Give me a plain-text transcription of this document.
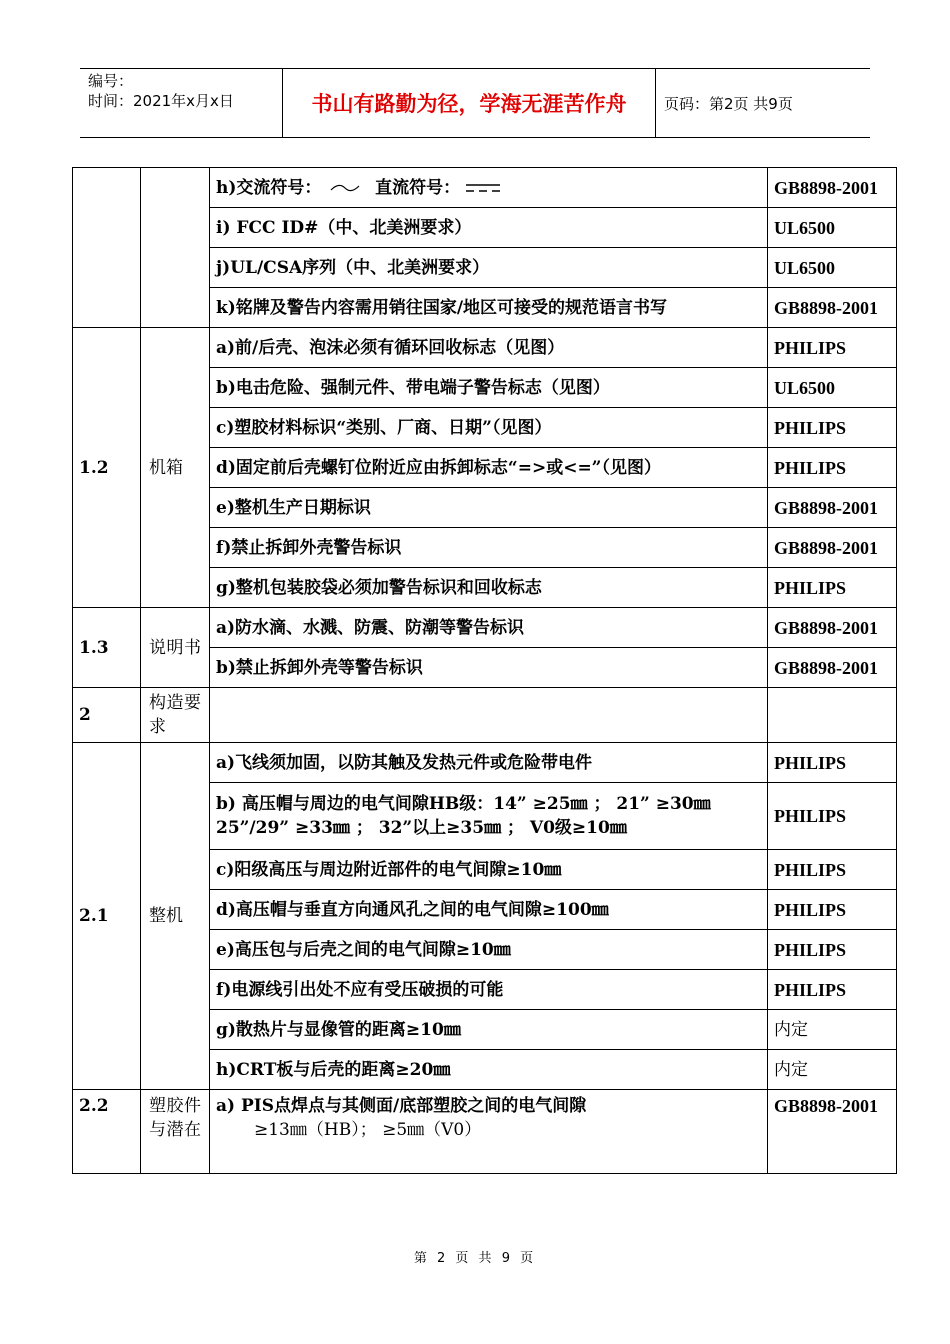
编号：
时间：2021年x月x日	书山有路勤为径，学海无涯苦作舟	页码：第2页 共9页
		h)交流符号： 直流符号：	GB8898-2001
		i) FCC ID#（中、北美洲要求）	UL6500
		j)UL/CSA序列（中、北美洲要求）	UL6500
		k)铭牌及警告内容需用销往国家/地区可接受的规范语言书写	GB8898-2001
1.2	机箱	a)前/后壳、泡沫必须有循环回收标志（见图）	PHILIPS
		b)电击危险、强制元件、带电端子警告标志（见图）	UL6500
		c)塑胶材料标识“类别、厂商、日期”（见图）	PHILIPS
		d)固定前后壳螺钉位附近应由拆卸标志“=>或<=”（见图）	PHILIPS
		e)整机生产日期标识	GB8898-2001
		f)禁止拆卸外壳警告标识	GB8898-2001
		g)整机包装胶袋必须加警告标识和回收标志	PHILIPS
1.3	说明书	a)防水滴、水溅、防震、防潮等警告标识	GB8898-2001
		b)禁止拆卸外壳等警告标识	GB8898-2001
2	构造要求		
2.1	整机	a)飞线须加固，以防其触及发热元件或危险带电件	PHILIPS
		b) 高压帽与周边的电气间隙HB级：14” ≥25㎜ ； 21” ≥30㎜ 25”/29” ≥33㎜ ； 32”以上≥35㎜ ； V0级≥10㎜	PHILIPS
		c)阳级高压与周边附近部件的电气间隙≥10㎜	PHILIPS
		d)高压帽与垂直方向通风孔之间的电气间隙≥100㎜	PHILIPS
		e)高压包与后壳之间的电气间隙≥10㎜	PHILIPS
		f)电源线引出处不应有受压破损的可能	PHILIPS
		g)散热片与显像管的距离≥10㎜	内定
		h)CRT板与后壳的距离≥20㎜	内定
2.2	塑胶件与潜在	a) PIS点焊点与其侧面/底部塑胶之间的电气间隙
≥13㎜（HB）； ≥5㎜（V0）	GB8898-2001
第 2 页 共 9 页
